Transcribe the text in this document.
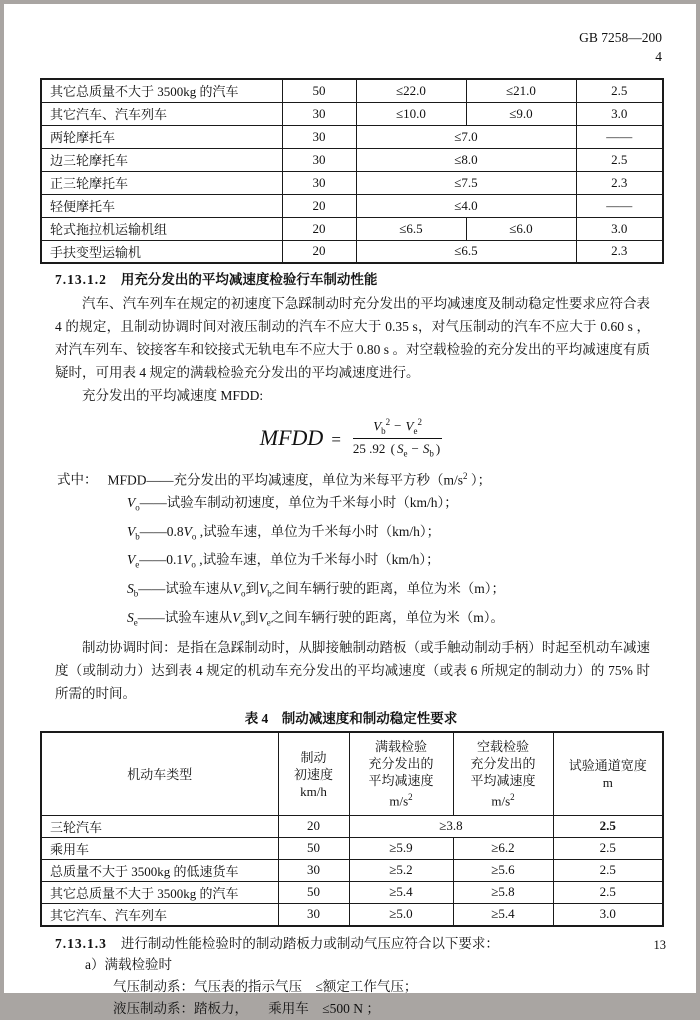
GB 7258—200
4
其它总质量不大于 3500kg 的汽车	50	≤22.0	≤21.0	2.5
其它汽车、汽车列车	30	≤10.0	≤9.0	3.0
两轮摩托车	30	≤7.0		——
边三轮摩托车	30	≤8.0		2.5
正三轮摩托车	30	≤7.5		2.3
轻便摩托车	20	≤4.0		——
轮式拖拉机运输机组	20	≤6.5	≤6.0	3.0
手扶变型运输机	20	≤6.5		2.3
7.13.1.2 用充分发出的平均减速度检验行车制动性能

汽车、汽车列车在规定的初速度下急踩制动时充分发出的平均减速度及制动稳定性要求应符合表 4 的规定，且制动协调时间对液压制动的汽车不应大于 0.35 s，对气压制动的汽车不应大于 0.60 s ，对汽车列车、铰接客车和铰接式无轨电车不应大于 0.80 s 。对空载检验的充分发出的平均减速度有质疑时，可用表 4 规定的满载检验充分发出的平均减速度进行。

充分发出的平均减速度 MFDD:
MFDD = $\frac{V_b^2 - V_e^2}{25 .92 ( S_e - S_b )}$
式中： MFDD——充分发出的平均减速度，单位为米每平方秒（$m/s^2$ ）；
$V_o——$试验车制动初速度，单位为千米每小时（km/h）；
$V_b——0.8V_o$ ,试验车速，单位为千米每小时（km/h）；
$V_e——0.1V_o$ ,试验车速，单位为千米每小时（km/h）；
$S_b——$试验车速从$V_o$到$V_b$之间车辆行驶的距离，单位为米（m）；
$S_e——$试验车速从$V_o$到$V_e$之间车辆行驶的距离，单位为米（m）。

制动协调时间：是指在急踩制动时，从脚接触制动踏板（或手触动制动手柄）时起至机动车减速度（或制动力）达到表 4 规定的机动车充分发出的平均减速度（或表 6 所规定的制动力）的 75% 时所需的时间。

表 4　制动减速度和制动稳定性要求
机动车类型	
制动
初速度
km/h

满载检验
充分发出的
平均减速度
$m/s^2$

空载检验
充分发出的
平均减速度
$m/s^2$

试验通道宽度
m

三轮汽车	20	≥3.8		2.5
乘用车	50	≥5.9	≥6.2	2.5
总质量不大于 3500kg 的低速货车	30	≥5.2	≥5.6	2.5
其它总质量不大于 3500kg 的汽车	50	≥5.4	≥5.8	2.5
其它汽车、汽车列车	30	≥5.0	≥5.4	3.0
7.13.1.3 进行制动性能检验时的制动踏板力或制动气压应符合以下要求：
a）满载检验时
气压制动系：气压表的指示气压　≤额定工作气压；
液压制动系：踏板力，　　乘用车　≤500 N ；
13
